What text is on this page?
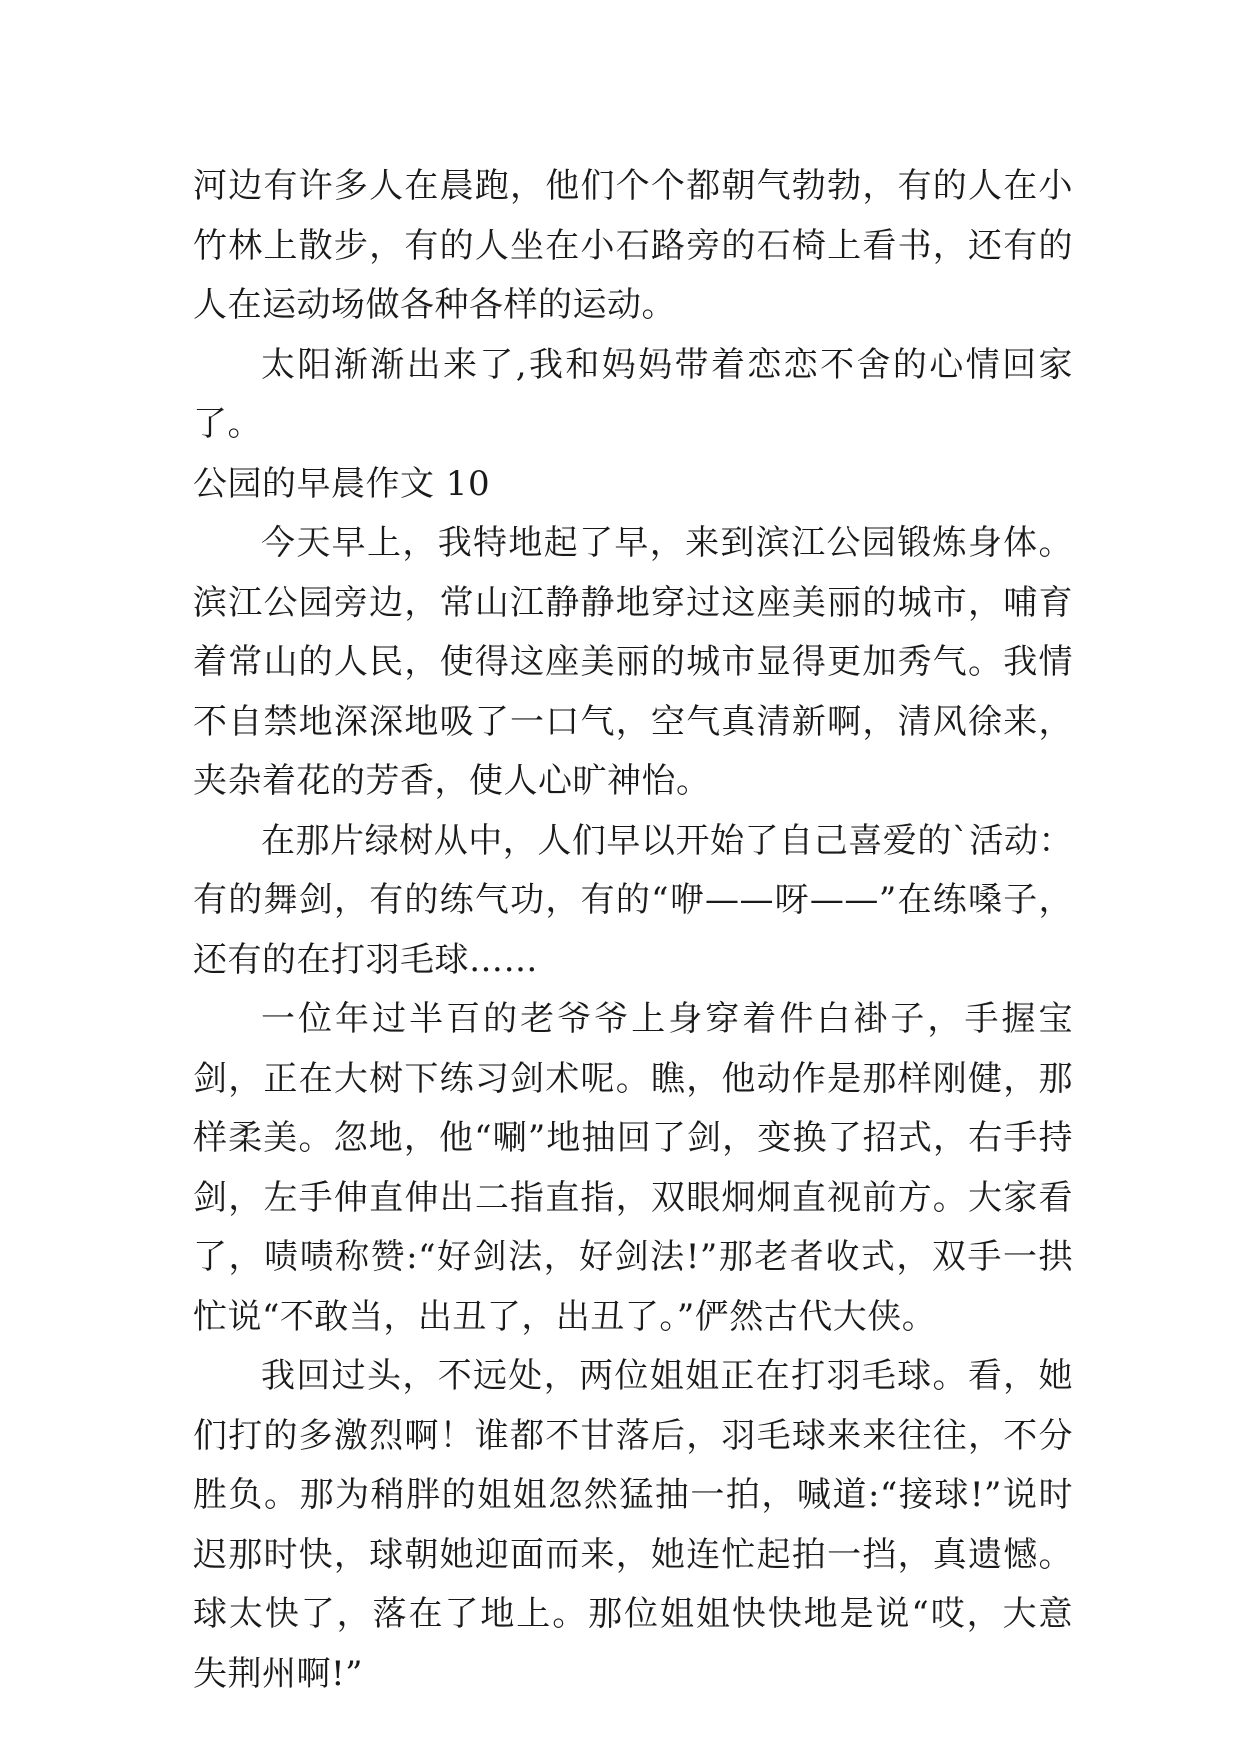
河边有许多人在晨跑，他们个个都朝气勃勃，有的人在小竹林上散步，有的人坐在小石路旁的石椅上看书，还有的人在运动场做各种各样的运动。

太阳渐渐出来了,我和妈妈带着恋恋不舍的心情回家了。

公园的早晨作文 10

今天早上，我特地起了早，来到滨江公园锻炼身体。滨江公园旁边，常山江静静地穿过这座美丽的城市，哺育着常山的人民，使得这座美丽的城市显得更加秀气。我情不自禁地深深地吸了一口气，空气真清新啊，清风徐来，夹杂着花的芳香，使人心旷神怡。

在那片绿树从中，人们早以开始了自己喜爱的`活动：有的舞剑，有的练气功，有的“咿——呀——”在练嗓子，还有的在打羽毛球……

一位年过半百的老爷爷上身穿着件白褂子，手握宝剑，正在大树下练习剑术呢。瞧，他动作是那样刚健，那样柔美。忽地，他“唰”地抽回了剑，变换了招式，右手持剑，左手伸直伸出二指直指，双眼炯炯直视前方。大家看了，啧啧称赞:“好剑法，好剑法!”那老者收式，双手一拱忙说“不敢当，出丑了，出丑了。”俨然古代大侠。

我回过头，不远处，两位姐姐正在打羽毛球。看，她们打的多激烈啊！谁都不甘落后，羽毛球来来往往，不分胜负。那为稍胖的姐姐忽然猛抽一拍，喊道:“接球!”说时迟那时快，球朝她迎面而来，她连忙起拍一挡，真遗憾。球太快了，落在了地上。那位姐姐快快地是说“哎，大意失荆州啊!”
